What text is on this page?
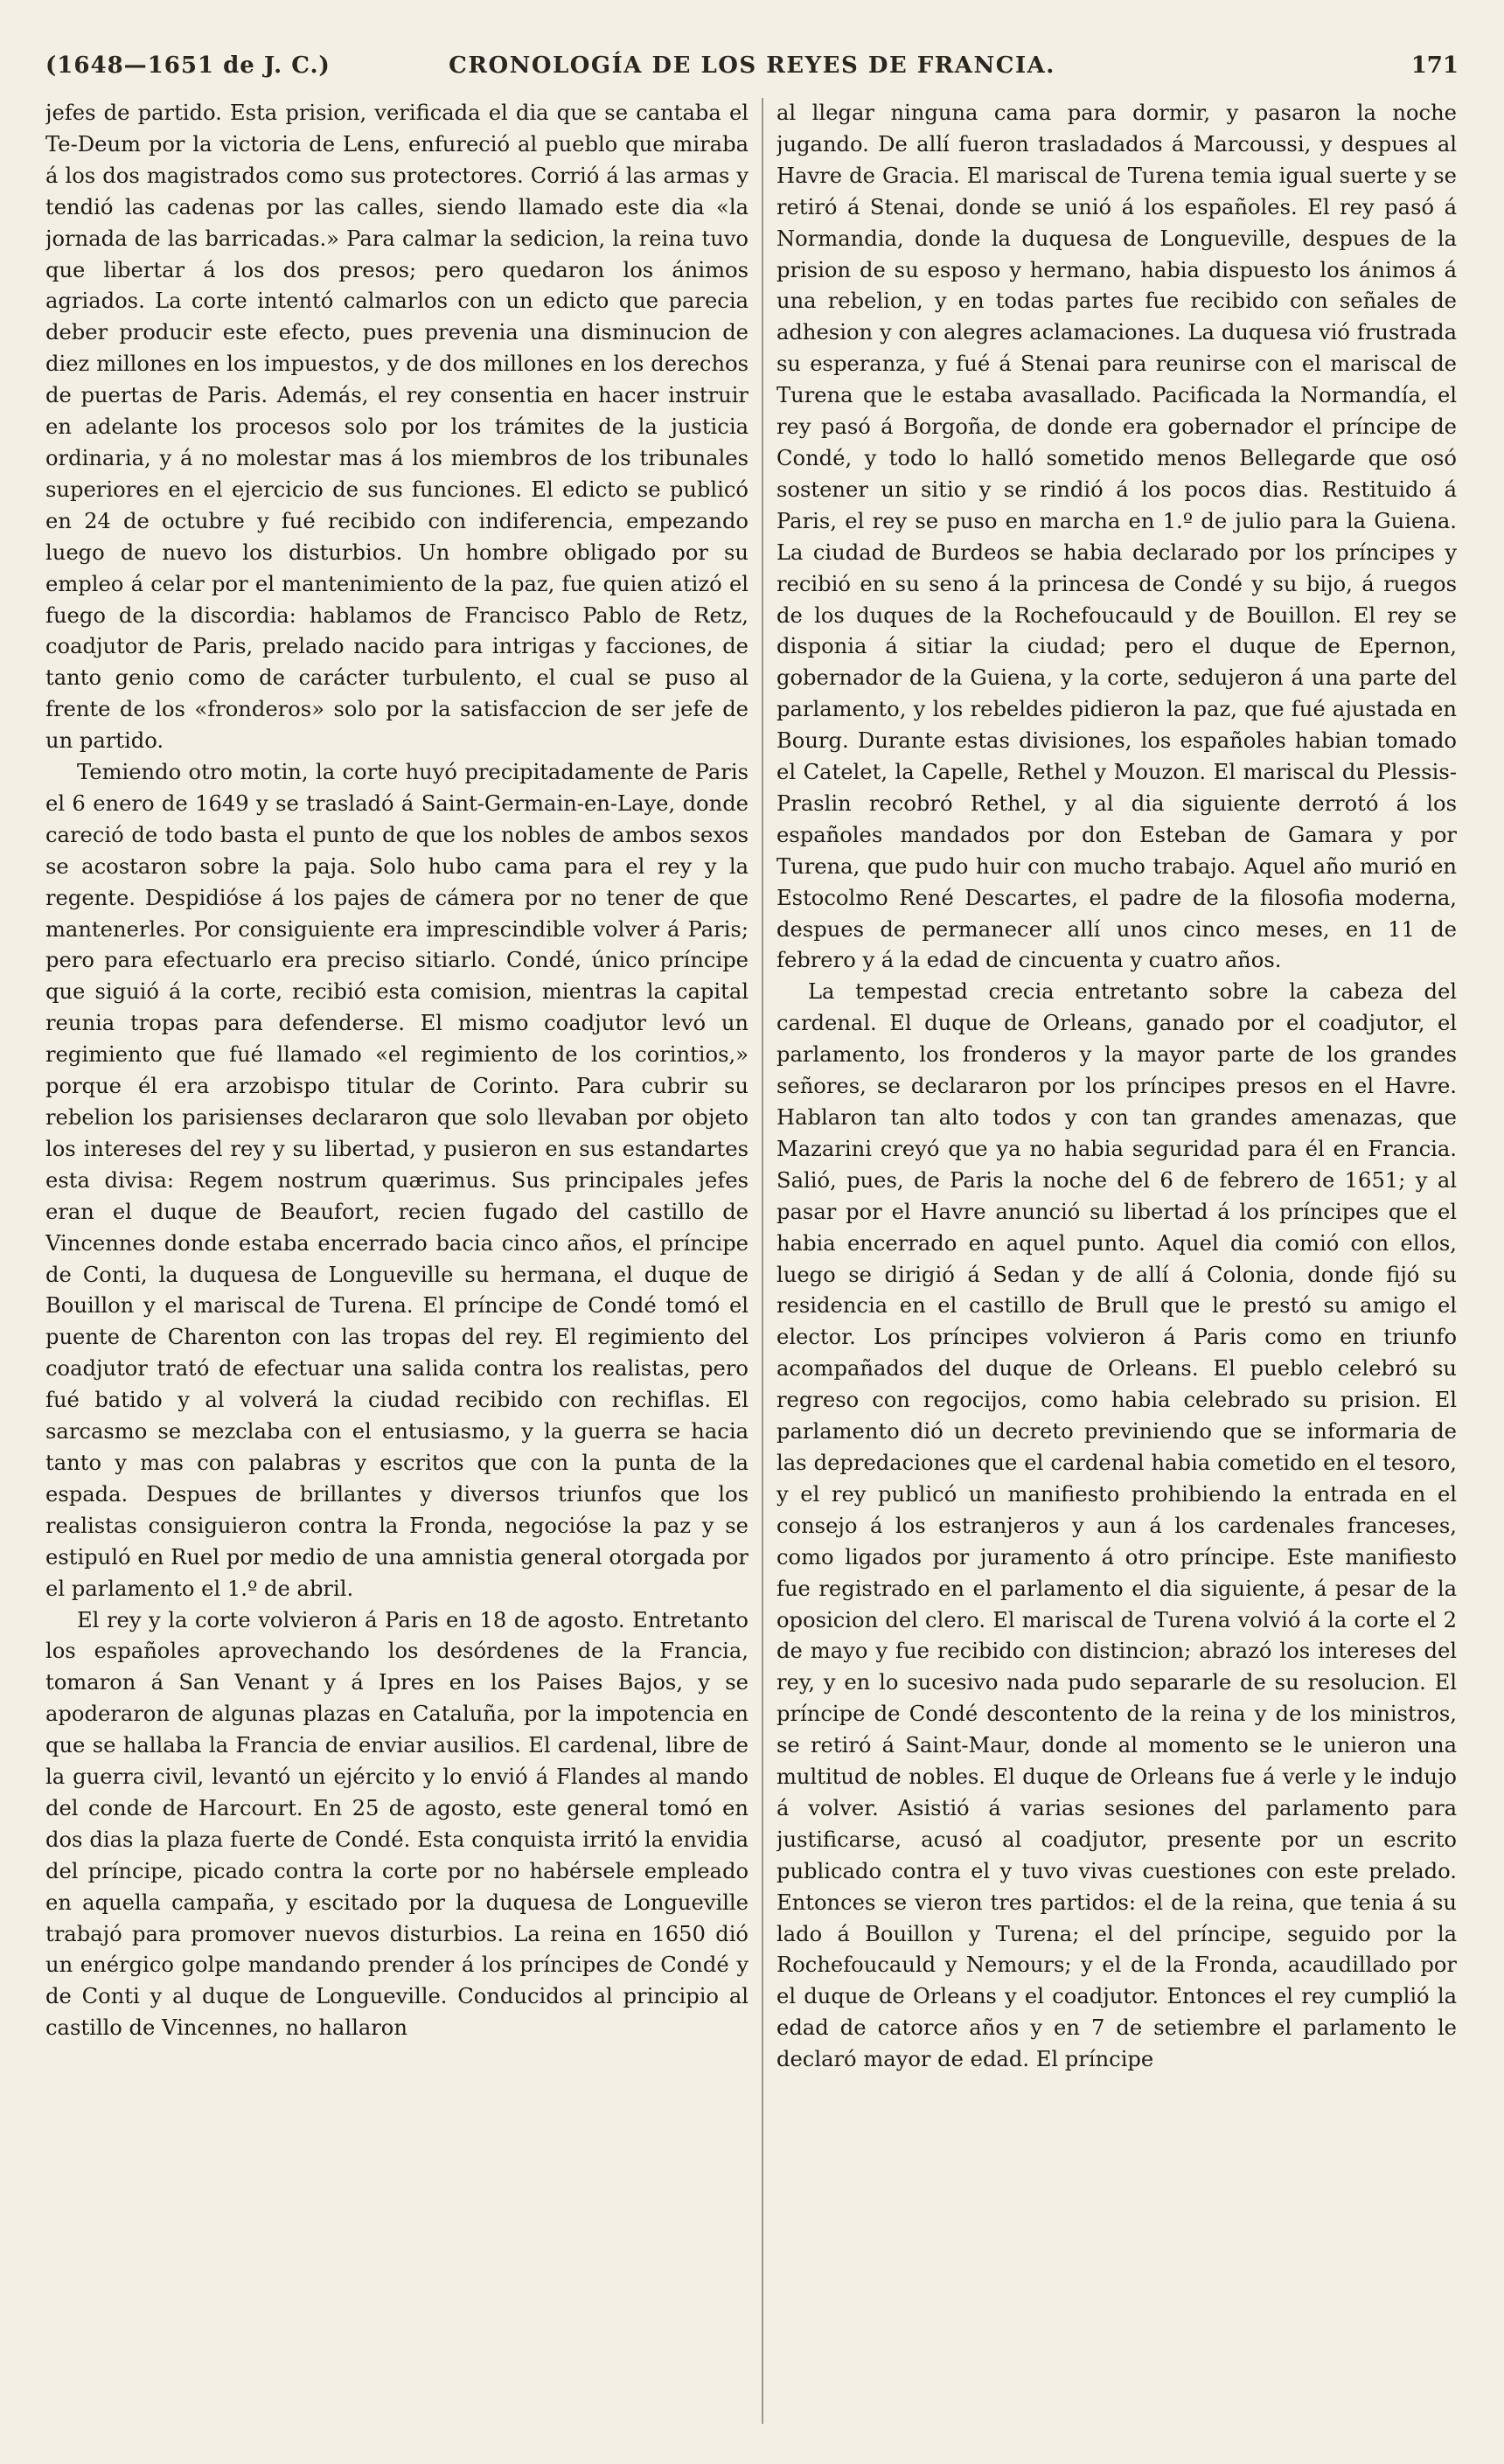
(1648—1651 de J. C.)	CRONOLOGÍA DE LOS REYES DE FRANCIA.	171

jefes de partido. Esta prision, verificada el dia que se cantaba el Te-Deum por la victoria de Lens, enfureció al pueblo que miraba á los dos magistrados como sus protectores. Corrió á las armas y tendió las cadenas por las calles, siendo llamado este dia «la jornada de las barricadas.» Para calmar la sedicion, la reina tuvo que libertar á los dos presos; pero quedaron los ánimos agriados. La corte intentó calmarlos con un edicto que parecia deber producir este efecto, pues prevenia una disminucion de diez millones en los impuestos, y de dos millones en los derechos de puertas de Paris. Además, el rey consentia en hacer instruir en adelante los procesos solo por los trámites de la justicia ordinaria, y á no molestar mas á los miembros de los tribunales superiores en el ejercicio de sus funciones. El edicto se publicó en 24 de octubre y fué recibido con indiferencia, empezando luego de nuevo los disturbios. Un hombre obligado por su empleo á celar por el mantenimiento de la paz, fue quien atizó el fuego de la discordia: hablamos de Francisco Pablo de Retz, coadjutor de Paris, prelado nacido para intrigas y facciones, de tanto genio como de carácter turbulento, el cual se puso al frente de los «fronderos» solo por la satisfaccion de ser jefe de un partido.

Temiendo otro motin, la corte huyó precipitadamente de Paris el 6 enero de 1649 y se trasladó á Saint-Germain-en-Laye, donde careció de todo basta el punto de que los nobles de ambos sexos se acostaron sobre la paja. Solo hubo cama para el rey y la regente. Despidióse á los pajes de cámera por no tener de que mantenerles. Por consiguiente era imprescindible volver á Paris; pero para efectuarlo era preciso sitiarlo. Condé, único príncipe que siguió á la corte, recibió esta comision, mientras la capital reunia tropas para defenderse. El mismo coadjutor levó un regimiento que fué llamado «el regimiento de los corintios,» porque él era arzobispo titular de Corinto. Para cubrir su rebelion los parisienses declararon que solo llevaban por objeto los intereses del rey y su libertad, y pusieron en sus estandartes esta divisa: Regem nostrum quærimus. Sus principales jefes eran el duque de Beaufort, recien fugado del castillo de Vincennes donde estaba encerrado bacia cinco años, el príncipe de Conti, la duquesa de Longueville su hermana, el duque de Bouillon y el mariscal de Turena. El príncipe de Condé tomó el puente de Charenton con las tropas del rey. El regimiento del coadjutor trató de efectuar una salida contra los realistas, pero fué batido y al volverá la ciudad recibido con rechiflas. El sarcasmo se mezclaba con el entusiasmo, y la guerra se hacia tanto y mas con palabras y escritos que con la punta de la espada. Despues de brillantes y diversos triunfos que los realistas consiguieron contra la Fronda, negocióse la paz y se estipuló en Ruel por medio de una amnistia general otorgada por el parlamento el 1.º de abril.

El rey y la corte volvieron á Paris en 18 de agosto. Entretanto los españoles aprovechando los desórdenes de la Francia, tomaron á San Venant y á Ipres en los Paises Bajos, y se apoderaron de algunas plazas en Cataluña, por la impotencia en que se hallaba la Francia de enviar ausilios. El cardenal, libre de la guerra civil, levantó un ejército y lo envió á Flandes al mando del conde de Harcourt. En 25 de agosto, este general tomó en dos dias la plaza fuerte de Condé. Esta conquista irritó la envidia del príncipe, picado contra la corte por no habérsele empleado en aquella campaña, y escitado por la duquesa de Longueville trabajó para promover nuevos disturbios. La reina en 1650 dió un enérgico golpe mandando prender á los príncipes de Condé y de Conti y al duque de Longueville. Conducidos al principio al castillo de Vincennes, no hallaron

al llegar ninguna cama para dormir, y pasaron la noche jugando. De allí fueron trasladados á Marcoussi, y despues al Havre de Gracia. El mariscal de Turena temia igual suerte y se retiró á Stenai, donde se unió á los españoles. El rey pasó á Normandia, donde la duquesa de Longueville, despues de la prision de su esposo y hermano, habia dispuesto los ánimos á una rebelion, y en todas partes fue recibido con señales de adhesion y con alegres aclamaciones. La duquesa vió frustrada su esperanza, y fué á Stenai para reunirse con el mariscal de Turena que le estaba avasallado. Pacificada la Normandía, el rey pasó á Borgoña, de donde era gobernador el príncipe de Condé, y todo lo halló sometido menos Bellegarde que osó sostener un sitio y se rindió á los pocos dias. Restituido á Paris, el rey se puso en marcha en 1.º de julio para la Guiena. La ciudad de Burdeos se habia declarado por los príncipes y recibió en su seno á la princesa de Condé y su bijo, á ruegos de los duques de la Rochefoucauld y de Bouillon. El rey se disponia á sitiar la ciudad; pero el duque de Epernon, gobernador de la Guiena, y la corte, sedujeron á una parte del parlamento, y los rebeldes pidieron la paz, que fué ajustada en Bourg. Durante estas divisiones, los españoles habian tomado el Catelet, la Capelle, Rethel y Mouzon. El mariscal du Plessis-Praslin recobró Rethel, y al dia siguiente derrotó á los españoles mandados por don Esteban de Gamara y por Turena, que pudo huir con mucho trabajo. Aquel año murió en Estocolmo René Descartes, el padre de la filosofia moderna, despues de permanecer allí unos cinco meses, en 11 de febrero y á la edad de cincuenta y cuatro años.

La tempestad crecia entretanto sobre la cabeza del cardenal. El duque de Orleans, ganado por el coadjutor, el parlamento, los fronderos y la mayor parte de los grandes señores, se declararon por los príncipes presos en el Havre. Hablaron tan alto todos y con tan grandes amenazas, que Mazarini creyó que ya no habia seguridad para él en Francia. Salió, pues, de Paris la noche del 6 de febrero de 1651; y al pasar por el Havre anunció su libertad á los príncipes que el habia encerrado en aquel punto. Aquel dia comió con ellos, luego se dirigió á Sedan y de allí á Colonia, donde fijó su residencia en el castillo de Brull que le prestó su amigo el elector. Los príncipes volvieron á Paris como en triunfo acompañados del duque de Orleans. El pueblo celebró su regreso con regocijos, como habia celebrado su prision. El parlamento dió un decreto previniendo que se informaria de las depredaciones que el cardenal habia cometido en el tesoro, y el rey publicó un manifiesto prohibiendo la entrada en el consejo á los estranjeros y aun á los cardenales franceses, como ligados por juramento á otro príncipe. Este manifiesto fue registrado en el parlamento el dia siguiente, á pesar de la oposicion del clero. El mariscal de Turena volvió á la corte el 2 de mayo y fue recibido con distincion; abrazó los intereses del rey, y en lo sucesivo nada pudo separarle de su resolucion. El príncipe de Condé descontento de la reina y de los ministros, se retiró á Saint-Maur, donde al momento se le unieron una multitud de nobles. El duque de Orleans fue á verle y le indujo á volver. Asistió á varias sesiones del parlamento para justificarse, acusó al coadjutor, presente por un escrito publicado contra el y tuvo vivas cuestiones con este prelado. Entonces se vieron tres partidos: el de la reina, que tenia á su lado á Bouillon y Turena; el del príncipe, seguido por la Rochefoucauld y Nemours; y el de la Fronda, acaudillado por el duque de Orleans y el coadjutor. Entonces el rey cumplió la edad de catorce años y en 7 de setiembre el parlamento le declaró mayor de edad. El príncipe
